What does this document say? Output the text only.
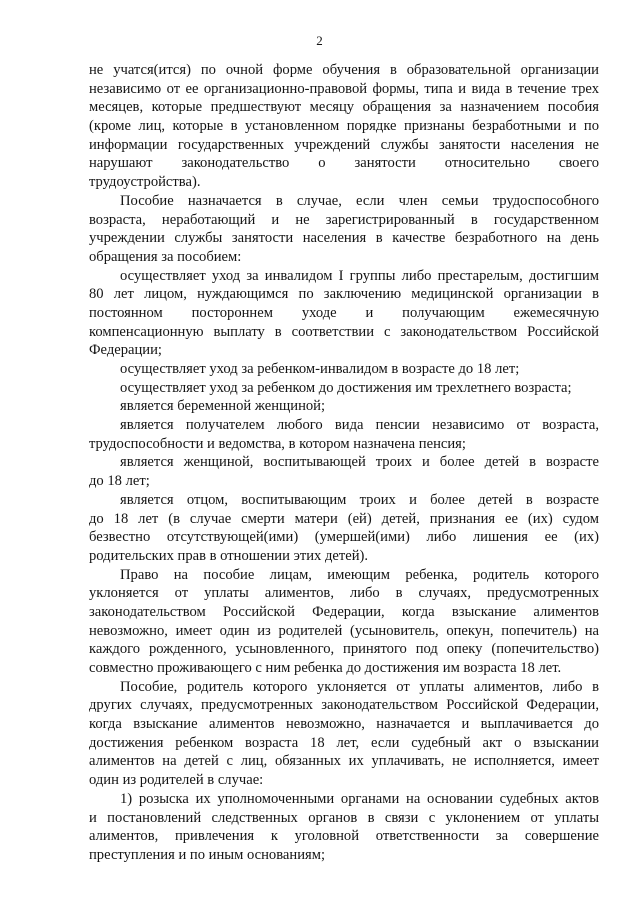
2
не учатся(ится) по очной форме обучения в образовательной организации
независимо от ее организационно-правовой формы, типа и вида в течение трех
месяцев, которые предшествуют месяцу обращения за назначением пособия
(кроме лиц, которые в установленном порядке признаны безработными и по
информации государственных учреждений службы занятости населения не
нарушают законодательство о занятости относительно своего
трудоустройства).
Пособие назначается в случае, если член семьи трудоспособного
возраста, неработающий и не зарегистрированный в государственном
учреждении службы занятости населения в качестве безработного на день
обращения за пособием:
осуществляет уход за инвалидом I группы либо престарелым, достигшим
80 лет лицом, нуждающимся по заключению медицинской организации в
постоянном постороннем уходе и получающим ежемесячную
компенсационную выплату в соответствии с законодательством Российской
Федерации;
осуществляет уход за ребенком-инвалидом в возрасте до 18 лет;
осуществляет уход за ребенком до достижения им трехлетнего возраста;
является беременной женщиной;
является получателем любого вида пенсии независимо от возраста,
трудоспособности и ведомства, в котором назначена пенсия;
является женщиной, воспитывающей троих и более детей в возрасте
до 18 лет;
является отцом, воспитывающим троих и более детей в возрасте
до 18 лет (в случае смерти матери (ей) детей, признания ее (их) судом
безвестно отсутствующей(ими) (умершей(ими) либо лишения ее (их)
родительских прав в отношении этих детей).
Право на пособие лицам, имеющим ребенка, родитель которого
уклоняется от уплаты алиментов, либо в случаях, предусмотренных
законодательством Российской Федерации, когда взыскание алиментов
невозможно, имеет один из родителей (усыновитель, опекун, попечитель) на
каждого рожденного, усыновленного, принятого под опеку (попечительство)
совместно проживающего с ним ребенка до достижения им возраста 18 лет.
Пособие, родитель которого уклоняется от уплаты алиментов, либо в
других случаях, предусмотренных законодательством Российской Федерации,
когда взыскание алиментов невозможно, назначается и выплачивается до
достижения ребенком возраста 18 лет, если судебный акт о взыскании
алиментов на детей с лиц, обязанных их уплачивать, не исполняется, имеет
один из родителей в случае:
1) розыска их уполномоченными органами на основании судебных актов
и постановлений следственных органов в связи с уклонением от уплаты
алиментов, привлечения к уголовной ответственности за совершение
преступления и по иным основаниям;
